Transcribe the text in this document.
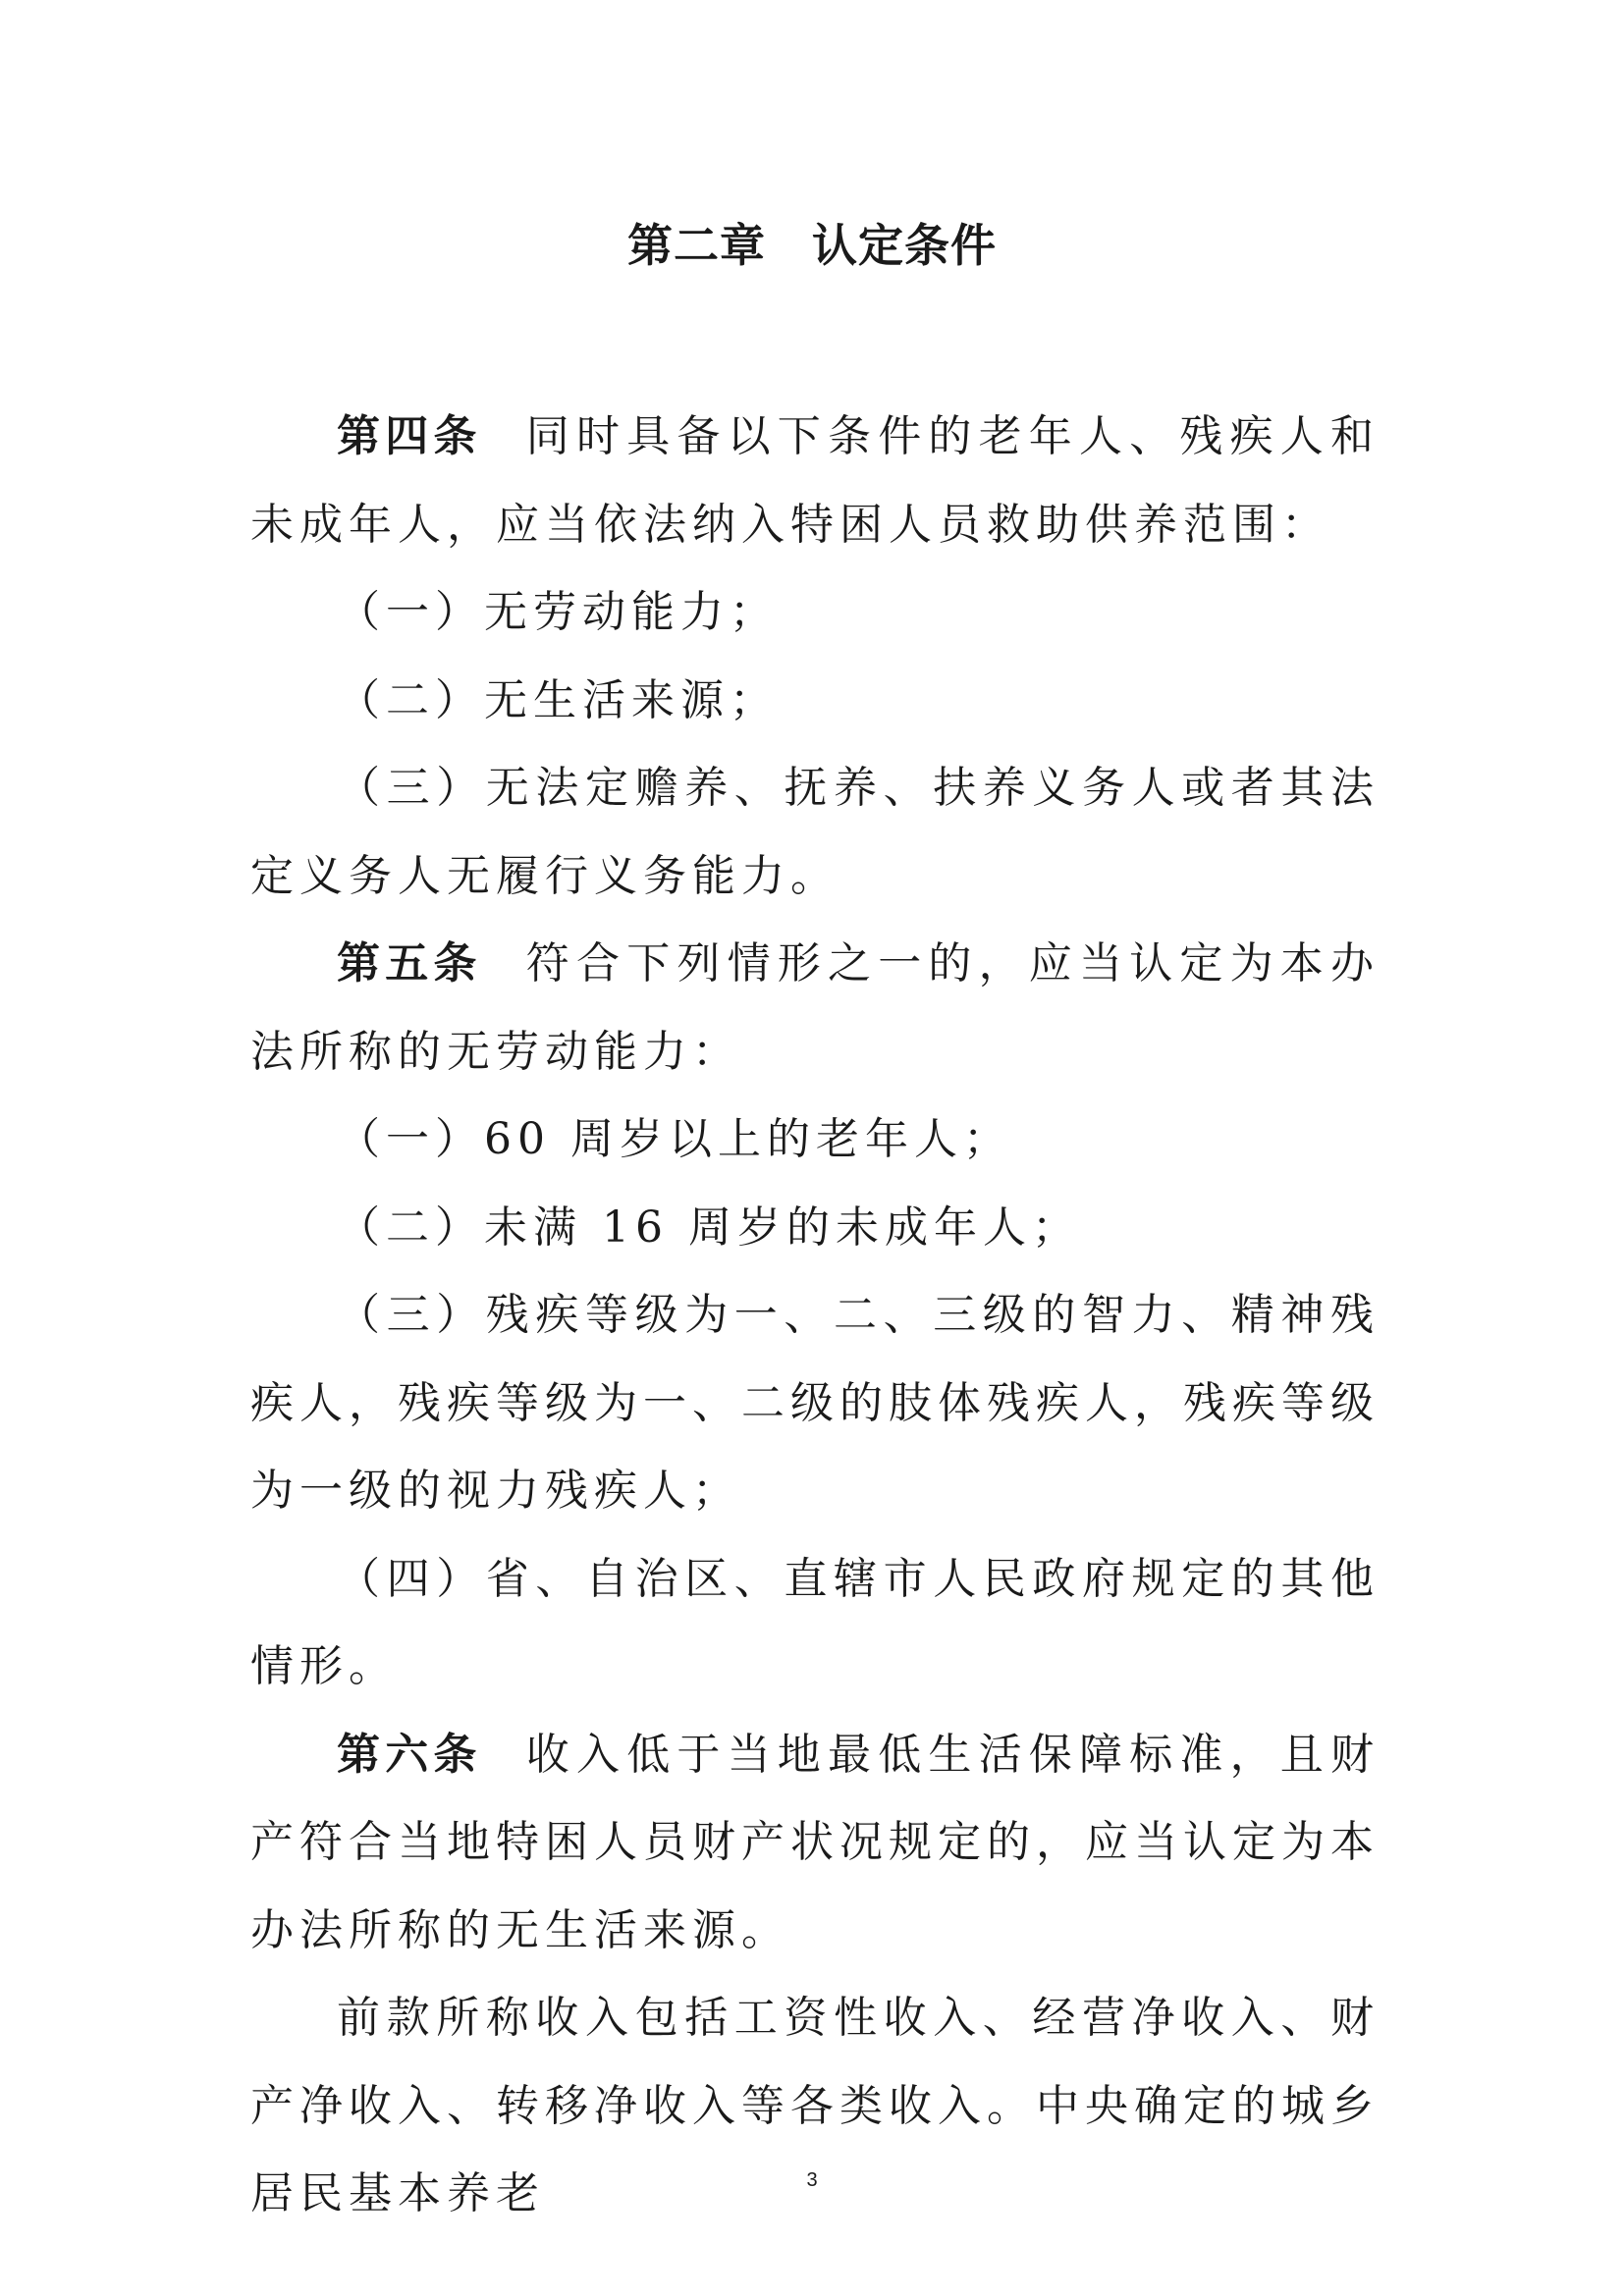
第二章　认定条件

第四条 同时具备以下条件的老年人、残疾人和未成年人，应当依法纳入特困人员救助供养范围：

（一）无劳动能力；

（二）无生活来源；

（三）无法定赡养、抚养、扶养义务人或者其法定义务人无履行义务能力。

第五条 符合下列情形之一的，应当认定为本办法所称的无劳动能力：

（一）60 周岁以上的老年人；

（二）未满 16 周岁的未成年人；

（三）残疾等级为一、二、三级的智力、精神残疾人，残疾等级为一、二级的肢体残疾人，残疾等级为一级的视力残疾人；

（四）省、自治区、直辖市人民政府规定的其他情形。

第六条 收入低于当地最低生活保障标准，且财产符合当地特困人员财产状况规定的，应当认定为本办法所称的无生活来源。

前款所称收入包括工资性收入、经营净收入、财产净收入、转移净收入等各类收入。中央确定的城乡居民基本养老	3
